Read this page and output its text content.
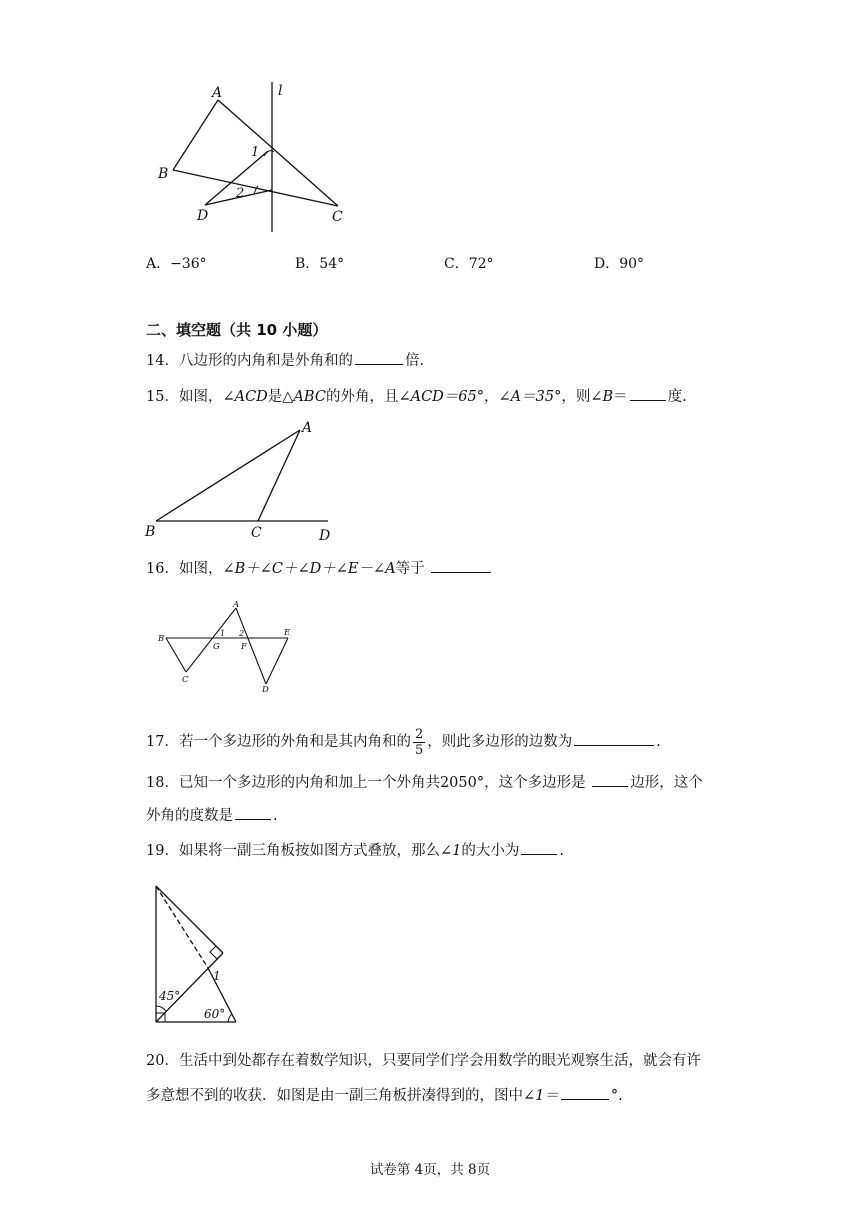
A	l
B
1
2
D	C
A．−36°	B．54°	C．72°	D．90°
二、填空题（共 10 小题）
14．八边形的内角和是外角和的	倍.
15．如图，∠ACD是△ABC的外角，且∠ACD＝65°，∠A＝35°，则∠B＝	度.
A
B	C	D
16．如图，∠B＋∠C＋∠D＋∠E－∠A等于
A
B
E
1 2
G F
C
D
17．若一个多边形的外角和是其内角和的 $\frac{2}{5}$ ，则此多边形的边数为	.
18．已知一个多边形的内角和加上一个外角共2050°，这个多边形是	边形，这个
外角的度数是	.
19．如果将一副三角板按如图方式叠放，那么∠1的大小为	.
45°
60°
1
20．生活中到处都存在着数学知识，只要同学们学会用数学的眼光观察生活，就会有许
多意想不到的收获．如图是由一副三角板拼凑得到的，图中∠1＝	°.
试卷第 4页，共 8页
